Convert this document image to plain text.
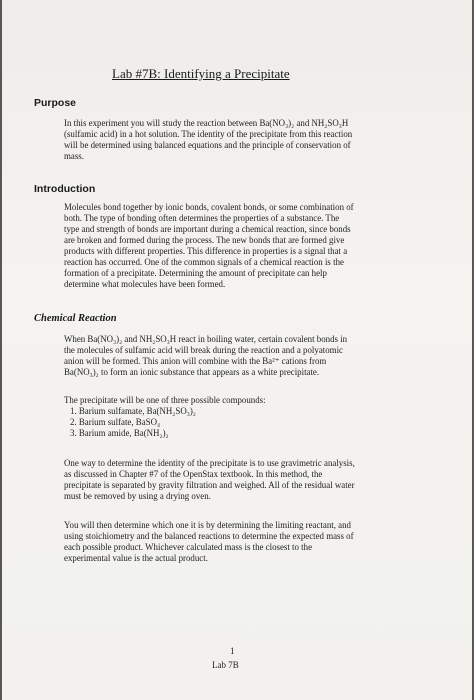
Lab #7B: Identifying a Precipitate
Purpose
In this experiment you will study the reaction between Ba(NO₃)₂ and NH₂SO₃H
(sulfamic acid) in a hot solution. The identity of the precipitate from this reaction
will be determined using balanced equations and the principle of conservation of
mass.
Introduction
Molecules bond together by ionic bonds, covalent bonds, or some combination of
both. The type of bonding often determines the properties of a substance. The
type and strength of bonds are important during a chemical reaction, since bonds
are broken and formed during the process. The new bonds that are formed give
products with different properties. This difference in properties is a signal that a
reaction has occurred. One of the common signals of a chemical reaction is the
formation of a precipitate. Determining the amount of precipitate can help
determine what molecules have been formed.
Chemical Reaction
When Ba(NO₃)₂ and NH₂SO₃H react in boiling water, certain covalent bonds in
the molecules of sulfamic acid will break during the reaction and a polyatomic
anion will be formed. This anion will combine with the Ba²⁺ cations from
Ba(NO₃)₂ to form an ionic substance that appears as a white precipitate.
The precipitate will be one of three possible compounds:
1. Barium sulfamate, Ba(NH₂SO₃)₂
2. Barium sulfate, BaSO₄
3. Barium amide, Ba(NH₂)₂
One way to determine the identity of the precipitate is to use gravimetric analysis,
as discussed in Chapter #7 of the OpenStax textbook. In this method, the
precipitate is separated by gravity filtration and weighed. All of the residual water
must be removed by using a drying oven.
You will then determine which one it is by determining the limiting reactant, and
using stoichiometry and the balanced reactions to determine the expected mass of
each possible product. Whichever calculated mass is the closest to the
experimental value is the actual product.
1
Lab 7B
